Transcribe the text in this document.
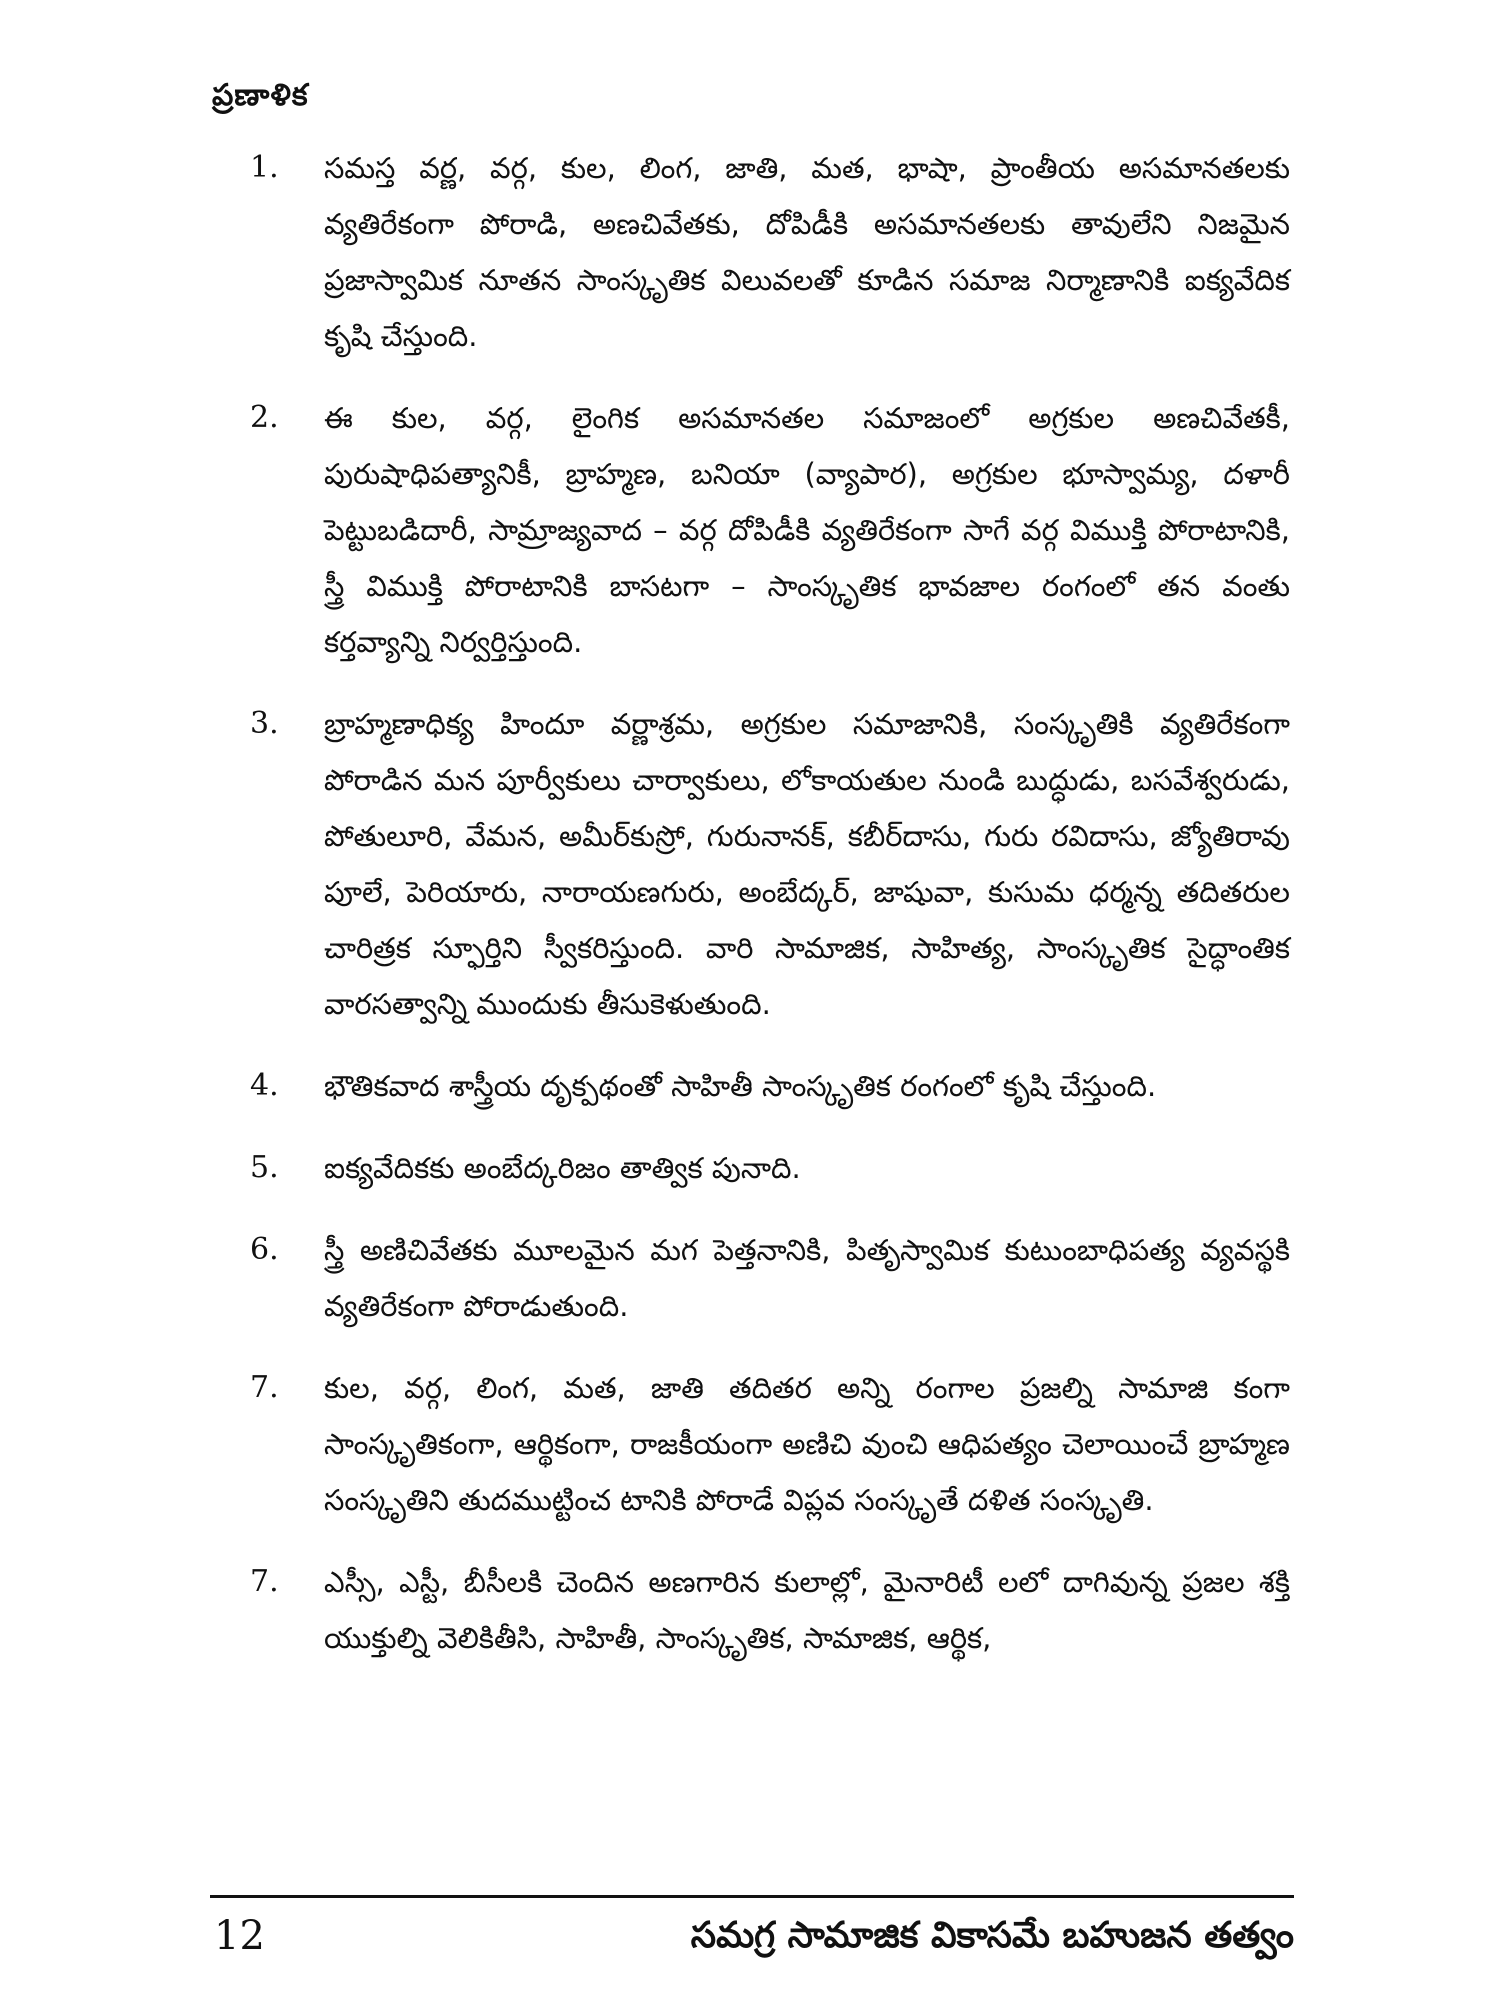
ప్రణాళిక
1.	సమస్త వర్ణ, వర్గ, కుల, లింగ, జాతి, మత, భాషా, ప్రాంతీయ అసమానతలకు వ్యతిరేకంగా పోరాడి, అణచివేతకు, దోపిడీకి అసమానతలకు తావులేని నిజమైన ప్రజాస్వామిక నూతన సాంస్కృతిక విలువలతో కూడిన సమాజ నిర్మాణానికి ఐక్యవేదిక కృషి చేస్తుంది.
2.	ఈ కుల, వర్గ, లైంగిక అసమానతల సమాజంలో అగ్రకుల అణచివేతకీ, పురుషాధిపత్యానికీ, బ్రాహ్మణ, బనియా (వ్యాపార), అగ్రకుల భూస్వామ్య, దళారీ పెట్టుబడిదారీ, సామ్రాజ్యవాద – వర్గ దోపిడీకి వ్యతిరేకంగా సాగే వర్గ విముక్తి పోరాటానికి, స్త్రీ విముక్తి పోరాటానికి బాసటగా – సాంస్కృతిక భావజాల రంగంలో తన వంతు కర్తవ్యాన్ని నిర్వర్తిస్తుంది.
3.	బ్రాహ్మణాధిక్య హిందూ వర్ణాశ్రమ, అగ్రకుల సమాజానికి, సంస్కృతికి వ్యతిరేకంగా పోరాడిన మన పూర్వీకులు చార్వాకులు, లోకాయతుల నుండి బుద్ధుడు, బసవేశ్వరుడు, పోతులూరి, వేమన, అమీర్‌కుస్రో, గురునానక్, కబీర్‌దాసు, గురు రవిదాసు, జ్యోతిరావు పూలే, పెరియారు, నారాయణగురు, అంబేద్కర్, జాషువా, కుసుమ ధర్మన్న తదితరుల చారిత్రక స్ఫూర్తిని స్వీకరిస్తుంది. వారి సామాజిక, సాహిత్య, సాంస్కృతిక సైద్ధాంతిక వారసత్వాన్ని ముందుకు తీసుకెళుతుంది.
4.	భౌతికవాద శాస్త్రీయ దృక్పథంతో సాహితీ సాంస్కృతిక రంగంలో కృషి చేస్తుంది.
5.	ఐక్యవేదికకు అంబేద్కరిజం తాత్విక పునాది.
6.	స్త్రీ అణిచివేతకు మూలమైన మగ పెత్తనానికి, పితృస్వామిక కుటుంబాధిపత్య వ్యవస్థకి వ్యతిరేకంగా పోరాడుతుంది.
7.	కుల, వర్గ, లింగ, మత, జాతి తదితర అన్ని రంగాల ప్రజల్ని సామాజి కంగా సాంస్కృతికంగా, ఆర్థికంగా, రాజకీయంగా అణిచి వుంచి ఆధిపత్యం చెలాయించే బ్రాహ్మణ సంస్కృతిని తుదముట్టించ టానికి పోరాడే విప్లవ సంస్కృతే దళిత సంస్కృతి.
7.	ఎస్సీ, ఎస్టీ, బీసీలకి చెందిన అణగారిన కులాల్లో, మైనారిటీ లలో దాగివున్న ప్రజల శక్తి యుక్తుల్ని వెలికితీసి, సాహితీ, సాంస్కృతిక, సామాజిక, ఆర్థిక,
12	సమగ్ర సామాజిక వికాసమే బహుజన తత్వం
